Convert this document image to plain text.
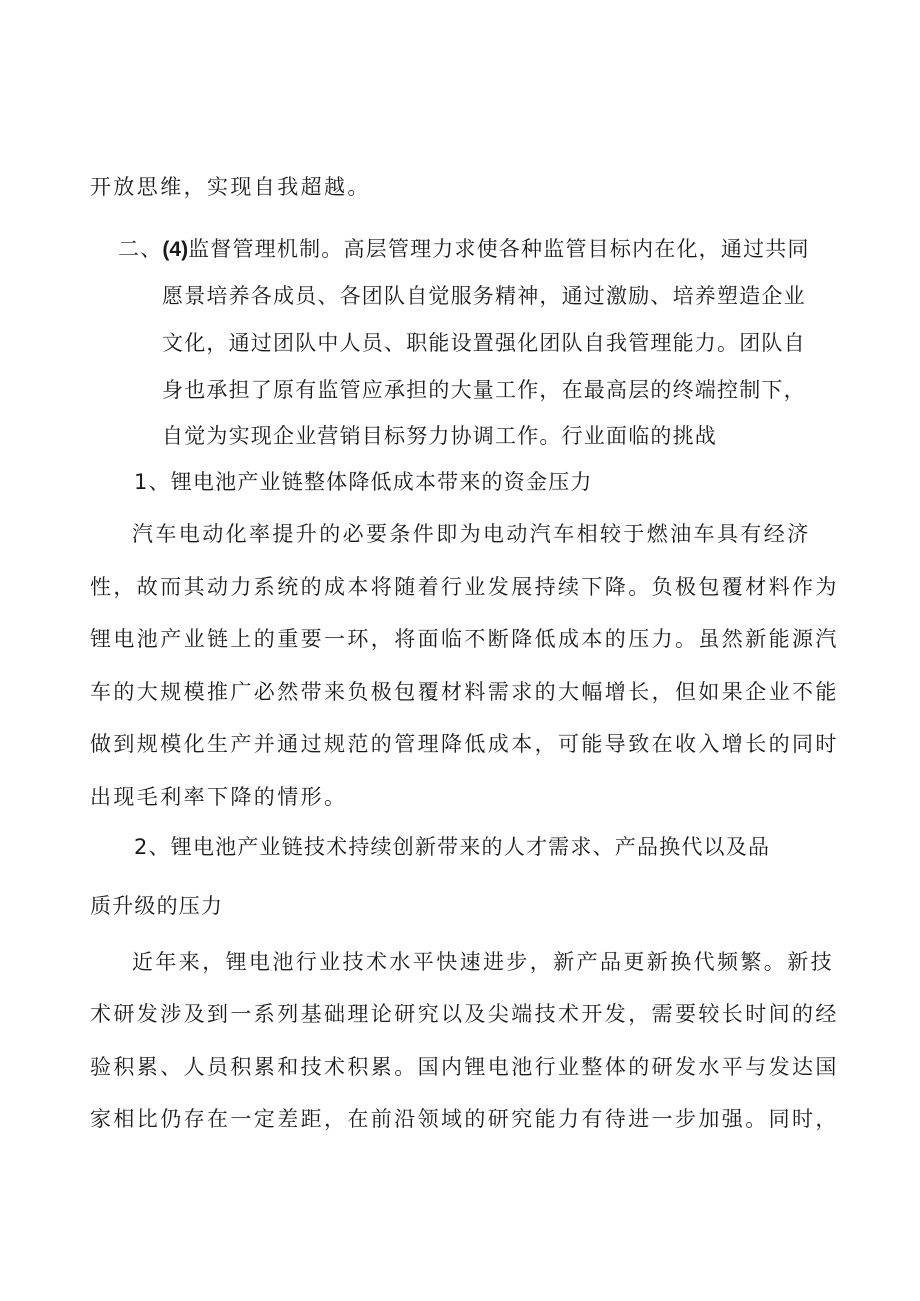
开放思维，实现自我超越。
二、(4)监督管理机制。高层管理力求使各种监管目标内在化，通过共同
愿景培养各成员、各团队自觉服务精神，通过激励、培养塑造企业
文化，通过团队中人员、职能设置强化团队自我管理能力。团队自
身也承担了原有监管应承担的大量工作，在最高层的终端控制下，
自觉为实现企业营销目标努力协调工作。行业面临的挑战
1、锂电池产业链整体降低成本带来的资金压力
汽车电动化率提升的必要条件即为电动汽车相较于燃油车具有经济
性，故而其动力系统的成本将随着行业发展持续下降。负极包覆材料作为
锂电池产业链上的重要一环，将面临不断降低成本的压力。虽然新能源汽
车的大规模推广必然带来负极包覆材料需求的大幅增长，但如果企业不能
做到规模化生产并通过规范的管理降低成本，可能导致在收入增长的同时
出现毛利率下降的情形。
2、锂电池产业链技术持续创新带来的人才需求、产品换代以及品
质升级的压力
近年来，锂电池行业技术水平快速进步，新产品更新换代频繁。新技
术研发涉及到一系列基础理论研究以及尖端技术开发，需要较长时间的经
验积累、人员积累和技术积累。国内锂电池行业整体的研发水平与发达国
家相比仍存在一定差距，在前沿领域的研究能力有待进一步加强。同时，
